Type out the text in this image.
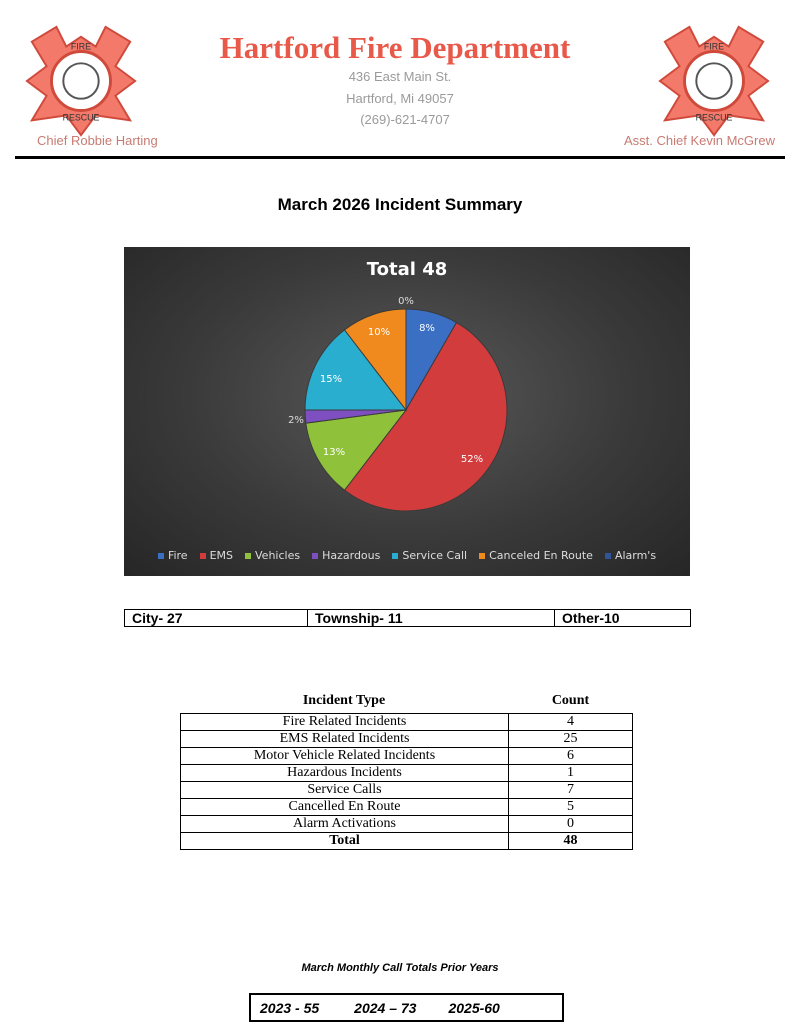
FIRE
RESCUE
FIRE
RESCUE
Hartford Fire Department
436 East Main St.
Hartford, Mi 49057
(269)-621-4707
Chief Robbie Harting	Asst. Chief Kevin McGrew
March 2026 Incident Summary
Total 48
8%
52%
13%
2%
15%
10%
0%
Fire	EMS	Vehicles	Hazardous	Service Call	Canceled En Route	Alarm's
City- 27	Township- 11	Other-10
Incident Type	Count
Fire Related Incidents	4
EMS Related Incidents	25
Motor Vehicle Related Incidents	6
Hazardous Incidents	1
Service Calls	7
Cancelled En Route	5
Alarm Activations	0
Total	48
March Monthly Call Totals Prior Years
2023 - 55	2024 – 73 2025-60
